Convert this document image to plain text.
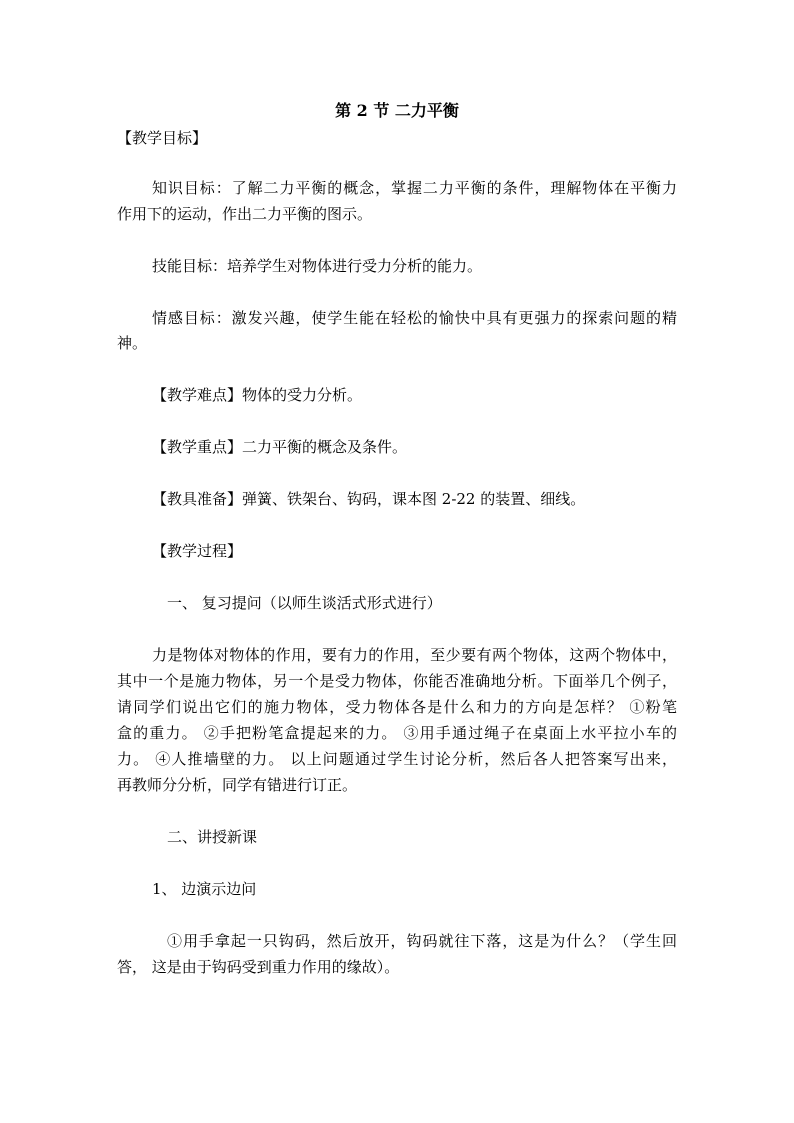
第 2 节 二力平衡
【教学目标】
知识目标：了解二力平衡的概念，掌握二力平衡的条件，理解物体在平衡力
作用下的运动，作出二力平衡的图示。
技能目标：培养学生对物体进行受力分析的能力。
情感目标：激发兴趣，使学生能在轻松的愉快中具有更强力的探索问题的精
神。
【教学难点】物体的受力分析。
【教学重点】二力平衡的概念及条件。
【教具准备】弹簧、铁架台、钩码，课本图 2-22 的装置、细线。
【教学过程】
一、 复习提问（以师生谈活式形式进行）
力是物体对物体的作用，要有力的作用，至少要有两个物体，这两个物体中，
其中一个是施力物体，另一个是受力物体，你能否准确地分析。下面举几个例子，
请同学们说出它们的施力物体，受力物体各是什么和力的方向是怎样？ ①粉笔
盒的重力。 ②手把粉笔盒提起来的力。 ③用手通过绳子在桌面上水平拉小车的
力。 ④人推墙壁的力。 以上问题通过学生讨论分析，然后各人把答案写出来，
再教师分分析，同学有错进行订正。
二、讲授新课
1、 边演示边问
①用手拿起一只钩码，然后放开，钩码就往下落，这是为什么？（学生回
答， 这是由于钩码受到重力作用的缘故）。
